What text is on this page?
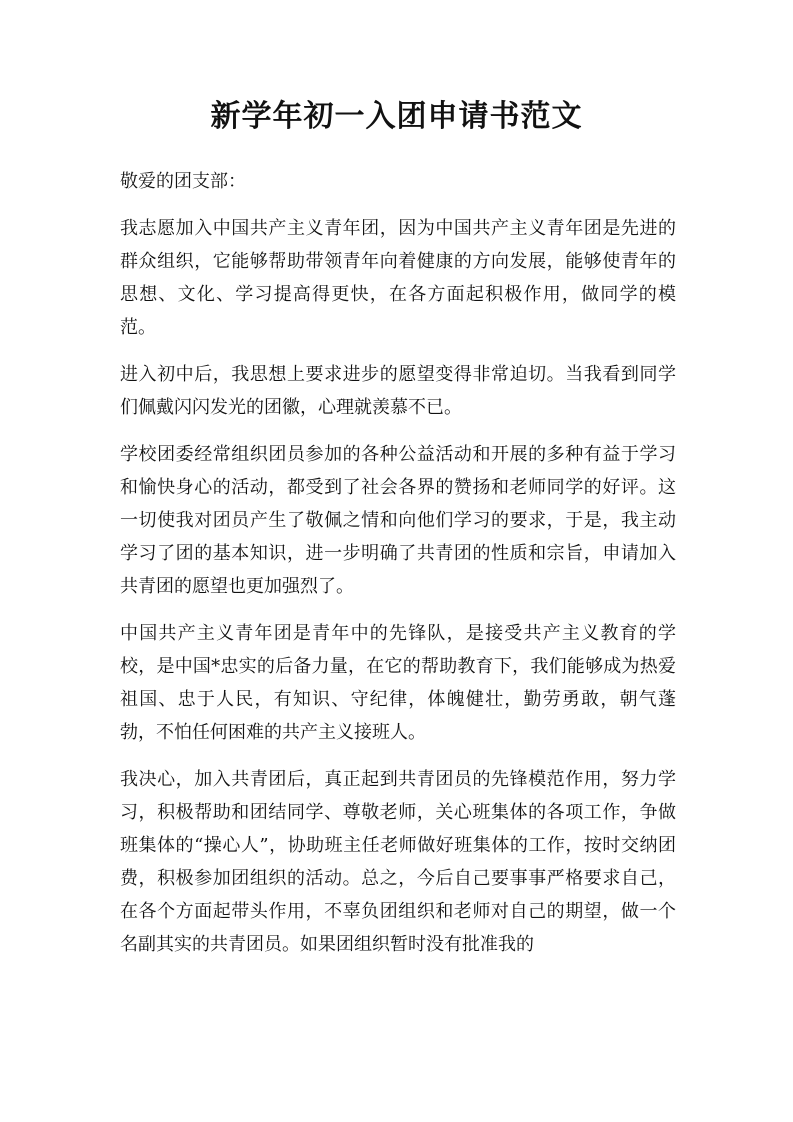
新学年初一入团申请书范文

敬爱的团支部：

我志愿加入中国共产主义青年团，因为中国共产主义青年团是先进的群众组织，它能够帮助带领青年向着健康的方向发展，能够使青年的思想、文化、学习提高得更快，在各方面起积极作用，做同学的模范。

进入初中后，我思想上要求进步的愿望变得非常迫切。当我看到同学们佩戴闪闪发光的团徽，心理就羡慕不已。

学校团委经常组织团员参加的各种公益活动和开展的多种有益于学习和愉快身心的活动，都受到了社会各界的赞扬和老师同学的好评。这一切使我对团员产生了敬佩之情和向他们学习的要求，于是，我主动学习了团的基本知识，进一步明确了共青团的性质和宗旨，申请加入共青团的愿望也更加强烈了。

中国共产主义青年团是青年中的先锋队，是接受共产主义教育的学校，是中国*忠实的后备力量，在它的帮助教育下，我们能够成为热爱祖国、忠于人民，有知识、守纪律，体魄健壮，勤劳勇敢，朝气蓬勃，不怕任何困难的共产主义接班人。

我决心，加入共青团后，真正起到共青团员的先锋模范作用，努力学习，积极帮助和团结同学、尊敬老师，关心班集体的各项工作，争做班集体的“操心人”，协助班主任老师做好班集体的工作，按时交纳团费，积极参加团组织的活动。总之，今后自己要事事严格要求自己，在各个方面起带头作用，不辜负团组织和老师对自己的期望，做一个名副其实的共青团员。如果团组织暂时没有批准我的
